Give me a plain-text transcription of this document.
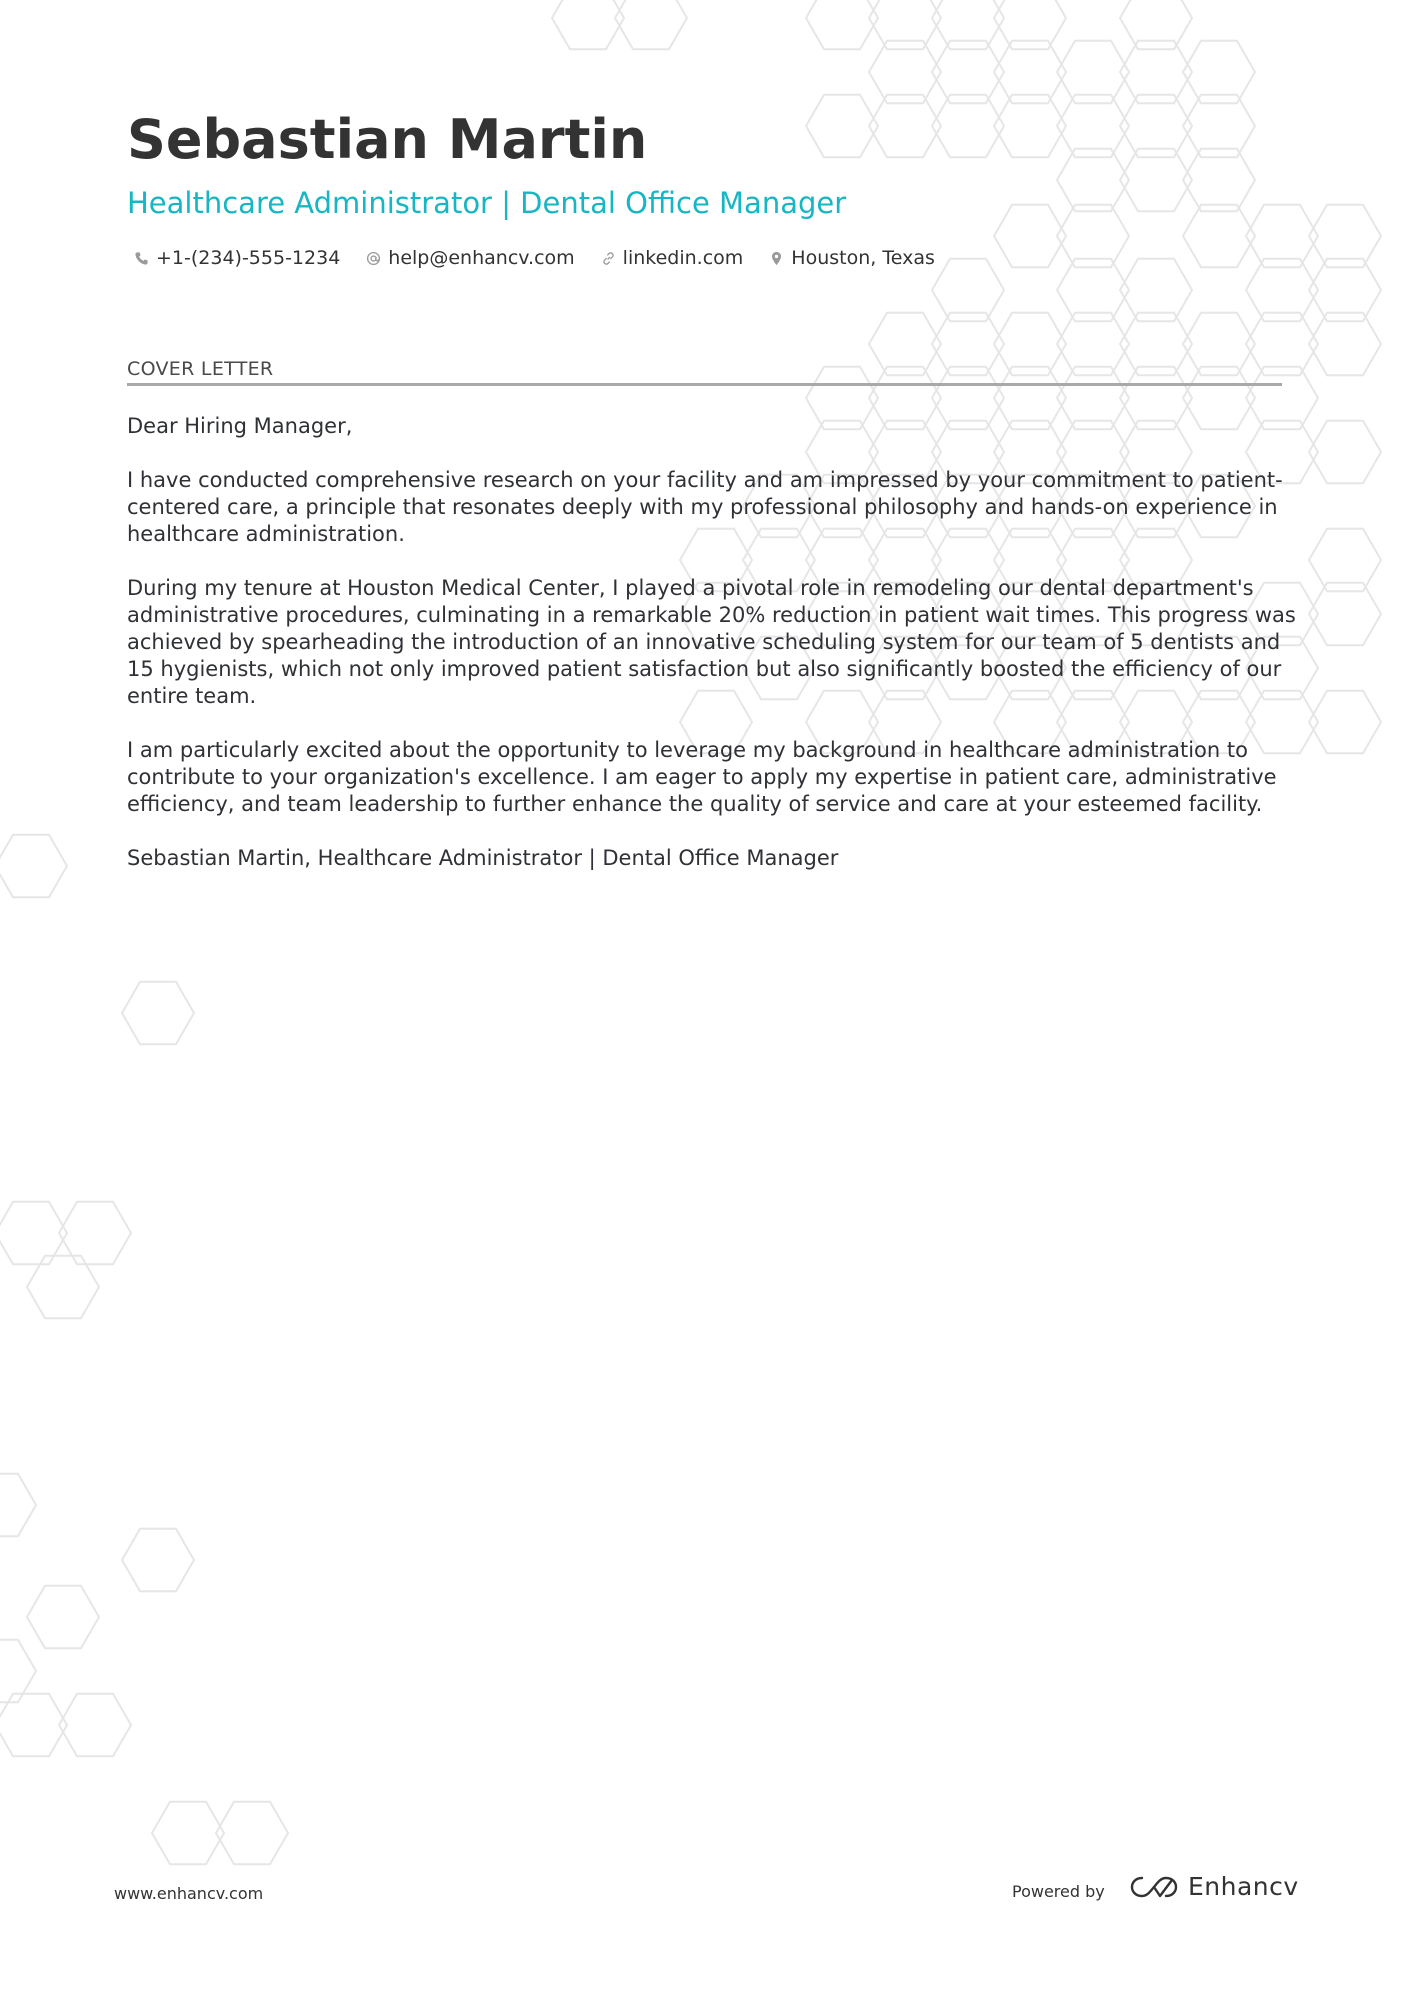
Sebastian Martin
Healthcare Administrator | Dental Office Manager
+1-(234)-555-1234	help@enhancv.com	linkedin.com	Houston, Texas
COVER LETTER

Dear Hiring Manager,

I have conducted comprehensive research on your facility and am impressed by your commitment to patient-centered care, a principle that resonates deeply with my professional philosophy and hands-on experience in healthcare administration.

During my tenure at Houston Medical Center, I played a pivotal role in remodeling our dental department's administrative procedures, culminating in a remarkable 20% reduction in patient wait times. This progress was achieved by spearheading the introduction of an innovative scheduling system for our team of 5 dentists and 15 hygienists, which not only improved patient satisfaction but also significantly boosted the efficiency of our entire team.

I am particularly excited about the opportunity to leverage my background in healthcare administration to contribute to your organization's excellence. I am eager to apply my expertise in patient care, administrative efficiency, and team leadership to further enhance the quality of service and care at your esteemed facility.

Sebastian Martin, Healthcare Administrator | Dental Office Manager

www.enhancv.com	Powered by	Enhancv
